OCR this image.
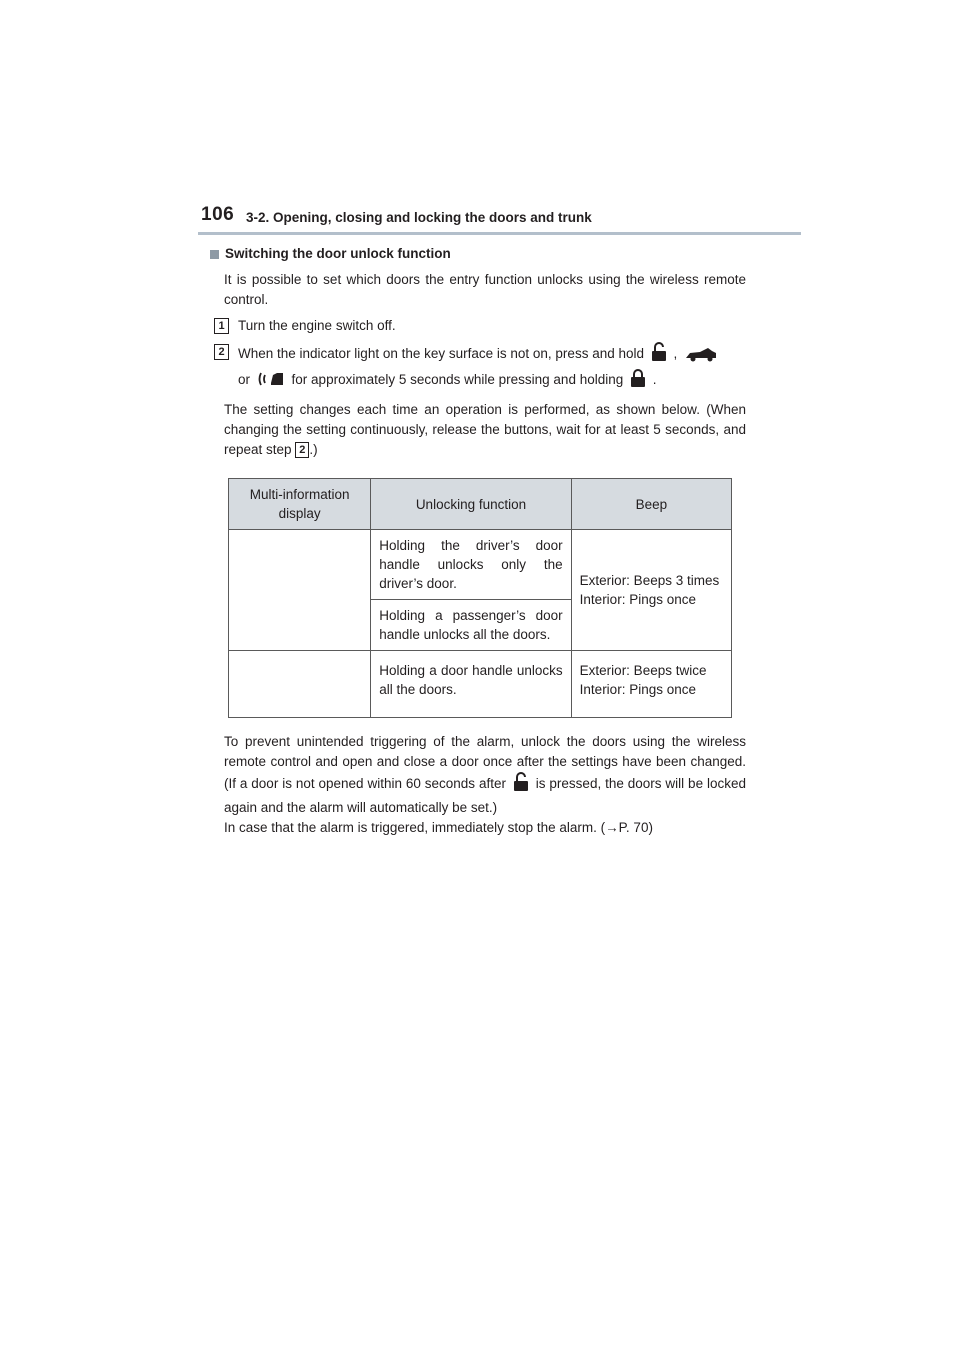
106 3-2. Opening, closing and locking the doors and trunk
Switching the door unlock function
It is possible to set which doors the entry function unlocks using the wireless remote control.
1 Turn the engine switch off.
2 When the indicator light on the key surface is not on, press and hold ,
or	for approximately 5 seconds while pressing and holding .
The setting changes each time an operation is performed, as shown below. (When changing the setting continuously, release the buttons, wait for at least 5 seconds, and repeat step 2 .)
Multi-information display	Unlocking function	Beep
	Holding the driver’s door handle unlocks only the driver’s door.	Exterior: Beeps 3 times
Interior: Pings once

	Holding a passenger’s door handle unlocks all the doors.	
	Holding a door handle unlocks all the doors.	Exterior: Beeps twice
Interior: Pings once

To prevent unintended triggering of the alarm, unlock the doors using the wireless remote control and open and close a door once after the settings have been changed. (If a door is not opened within 60 seconds after is pressed, the doors will be locked again and the alarm will automatically be set.)

In case that the alarm is triggered, immediately stop the alarm. (→P. 70)
